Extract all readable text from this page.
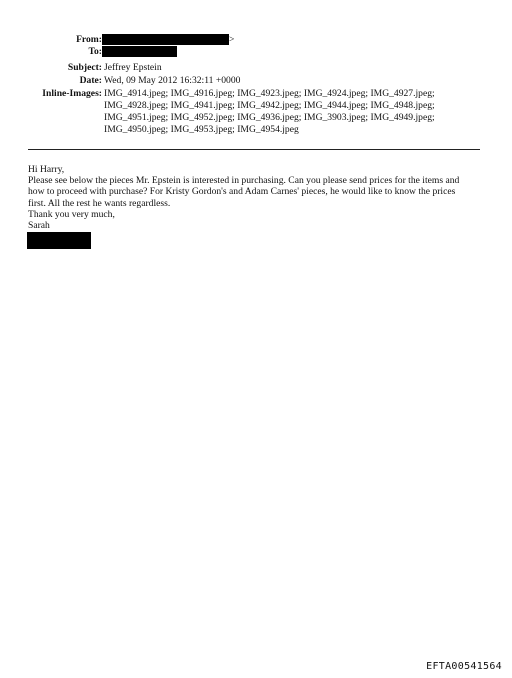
From:	>
To:
Subject: Jeffrey Epstein
Date: Wed, 09 May 2012 16:32:11 +0000
Inline-Images: IMG_4914.jpeg; IMG_4916.jpeg; IMG_4923.jpeg; IMG_4924.jpeg; IMG_4927.jpeg;
IMG_4928.jpeg; IMG_4941.jpeg; IMG_4942.jpeg; IMG_4944.jpeg; IMG_4948.jpeg;
IMG_4951.jpeg; IMG_4952.jpeg; IMG_4936.jpeg; IMG_3903.jpeg; IMG_4949.jpeg;
IMG_4950.jpeg; IMG_4953.jpeg; IMG_4954.jpeg

Hi Harry,

Please see below the pieces Mr. Epstein is interested in purchasing. Can you please send prices for the items and

how to proceed with purchase? For Kristy Gordon's and Adam Carnes' pieces, he would like to know the prices

first. All the rest he wants regardless.

Thank you very much,

Sarah

EFTA00541564
